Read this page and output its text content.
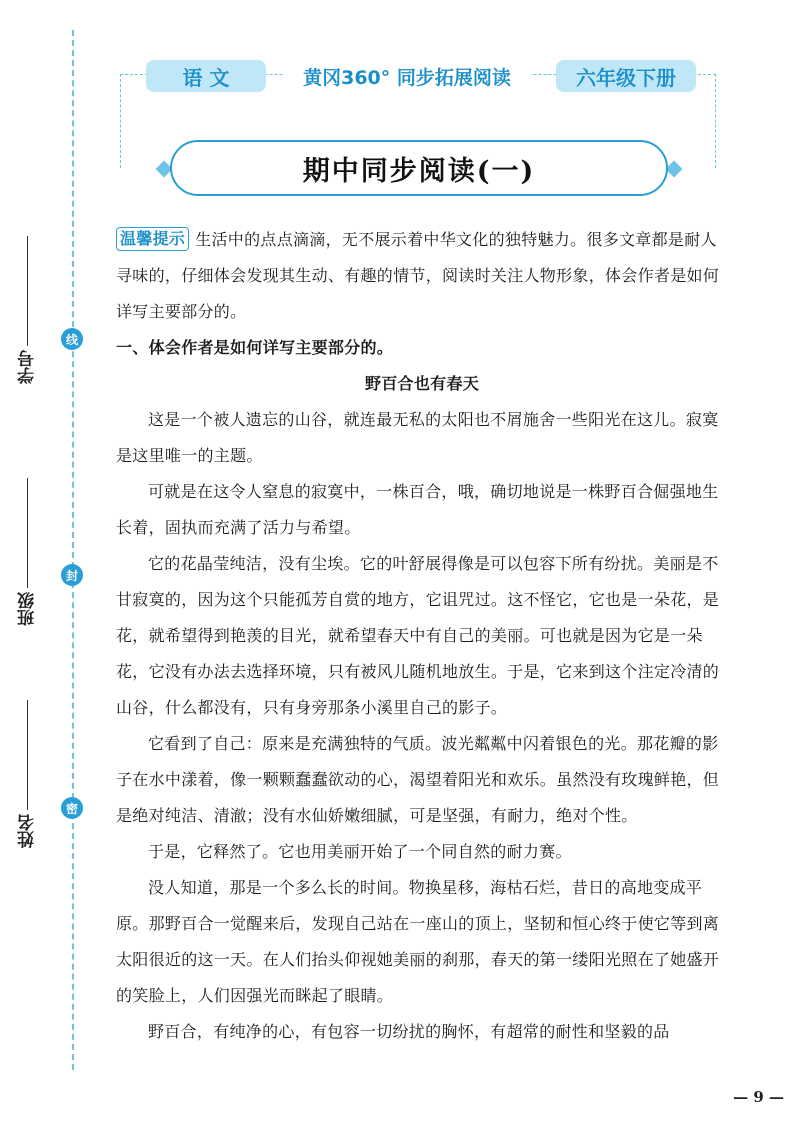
线
封
密
学号
班级
姓名
语 文	黄冈360° 同步拓展阅读	六年级下册
期中同步阅读(一)

温馨提示 生活中的点点滴滴，无不展示着中华文化的独特魅力。很多文章都是耐人寻味的，仔细体会发现其生动、有趣的情节，阅读时关注人物形象，体会作者是如何详写主要部分的。

一、体会作者是如何详写主要部分的。

野百合也有春天

这是一个被人遗忘的山谷，就连最无私的太阳也不屑施舍一些阳光在这儿。寂寞是这里唯一的主题。

可就是在这令人窒息的寂寞中，一株百合，哦，确切地说是一株野百合倔强地生长着，固执而充满了活力与希望。

它的花晶莹纯洁，没有尘埃。它的叶舒展得像是可以包容下所有纷扰。美丽是不甘寂寞的，因为这个只能孤芳自赏的地方，它诅咒过。这不怪它，它也是一朵花，是花，就希望得到艳羡的目光，就希望春天中有自己的美丽。可也就是因为它是一朵花，它没有办法去选择环境，只有被风儿随机地放生。于是，它来到这个注定冷清的山谷，什么都没有，只有身旁那条小溪里自己的影子。

它看到了自己：原来是充满独特的气质。波光粼粼中闪着银色的光。那花瓣的影子在水中漾着，像一颗颗蠢蠢欲动的心，渴望着阳光和欢乐。虽然没有玫瑰鲜艳，但是绝对纯洁、清澈；没有水仙娇嫩细腻，可是坚强，有耐力，绝对个性。

于是，它释然了。它也用美丽开始了一个同自然的耐力赛。

没人知道，那是一个多么长的时间。物换星移，海枯石烂，昔日的高地变成平原。那野百合一觉醒来后，发现自己站在一座山的顶上，坚韧和恒心终于使它等到离太阳很近的这一天。在人们抬头仰视她美丽的刹那，春天的第一缕阳光照在了她盛开的笑脸上，人们因强光而眯起了眼睛。

野百合，有纯净的心，有包容一切纷扰的胸怀，有超常的耐性和坚毅的品

— 9 —
